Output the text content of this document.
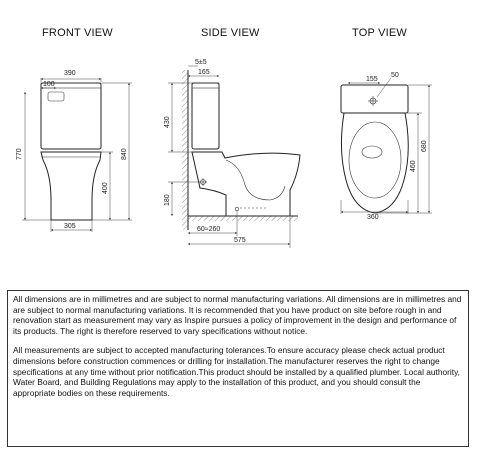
FRONT VIEW	SIDE VIEW	TOP VIEW
390
100
770	840
400
305
5±5
165
430
180
60≈260
575
155
50
680
460
360

All dimensions are in millimetres and are subject to normal manufacturing variations. All dimensions are in millimetres and are subject to normal manufacturing variations. It is recommended that you have product on site before rough in and renovation start as measurement may vary as Inspire pursues a policy of improvement in the design and performance of its products. The right is therefore reserved to vary specifications without notice.

All measurements are subject to accepted manufacturing tolerances.To ensure accuracy please check actual product dimensions before construction commences or drilling for installation.The manufacturer reserves the right to change specifications at any time without prior notification.This product should be installed by a qualified plumber. Local authority, Water Board, and Building Regulations may apply to the installation of this product, and you should consult the appropriate bodies on these requirements.
